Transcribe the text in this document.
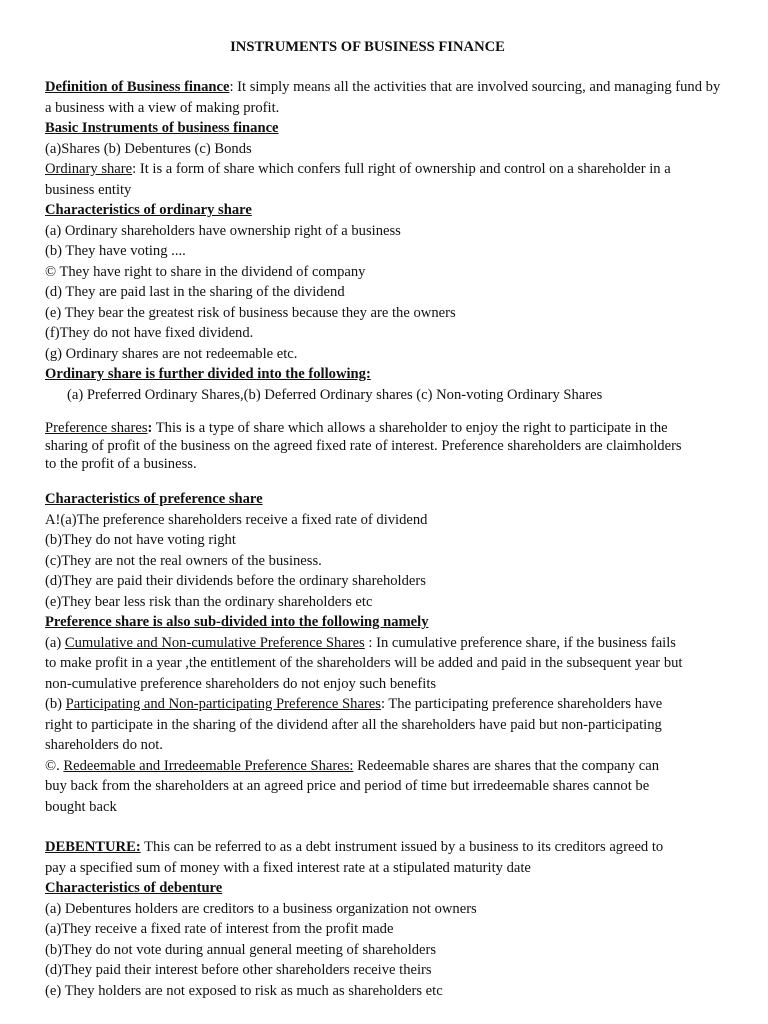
INSTRUMENTS OF BUSINESS FINANCE
Definition of Business finance: It simply means all the activities that are involved sourcing, and managing fund by
a business with a view of making profit.
Basic Instruments of business finance
(a)Shares (b) Debentures (c) Bonds
Ordinary share: It is a form of share which confers full right of ownership and control on a shareholder in a
business entity
Characteristics of ordinary share
(a) Ordinary shareholders have ownership right of a business
(b) They have voting ....
© They have right to share in the dividend of company
(d) They are paid last in the sharing of the dividend
(e) They bear the greatest risk of business because they are the owners
(f)They do not have fixed dividend.
(g) Ordinary shares are not redeemable etc.
Ordinary share is further divided into the following:
(a) Preferred Ordinary Shares,(b) Deferred Ordinary shares (c) Non-voting Ordinary Shares
Preference shares: This is a type of share which allows a shareholder to enjoy the right to participate in the
sharing of profit of the business on the agreed fixed rate of interest. Preference shareholders are claimholders
to the profit of a business.
Characteristics of preference share
A!(a)The preference shareholders receive a fixed rate of dividend
(b)They do not have voting right
(c)They are not the real owners of the business.
(d)They are paid their dividends before the ordinary shareholders
(e)They bear less risk than the ordinary shareholders etc
Preference share is also sub-divided into the following namely
(a) Cumulative and Non-cumulative Preference Shares : In cumulative preference share, if the business fails
to make profit in a year ,the entitlement of the shareholders will be added and paid in the subsequent year but
non-cumulative preference shareholders do not enjoy such benefits
(b) Participating and Non-participating Preference Shares: The participating preference shareholders have
right to participate in the sharing of the dividend after all the shareholders have paid but non-participating
shareholders do not.
©. Redeemable and Irredeemable Preference Shares: Redeemable shares are shares that the company can
buy back from the shareholders at an agreed price and period of time but irredeemable shares cannot be
bought back
DEBENTURE: This can be referred to as a debt instrument issued by a business to its creditors agreed to
pay a specified sum of money with a fixed interest rate at a stipulated maturity date
Characteristics of debenture
(a) Debentures holders are creditors to a business organization not owners
(a)They receive a fixed rate of interest from the profit made
(b)They do not vote during annual general meeting of shareholders
(d)They paid their interest before other shareholders receive theirs
(e) They holders are not exposed to risk as much as shareholders etc
